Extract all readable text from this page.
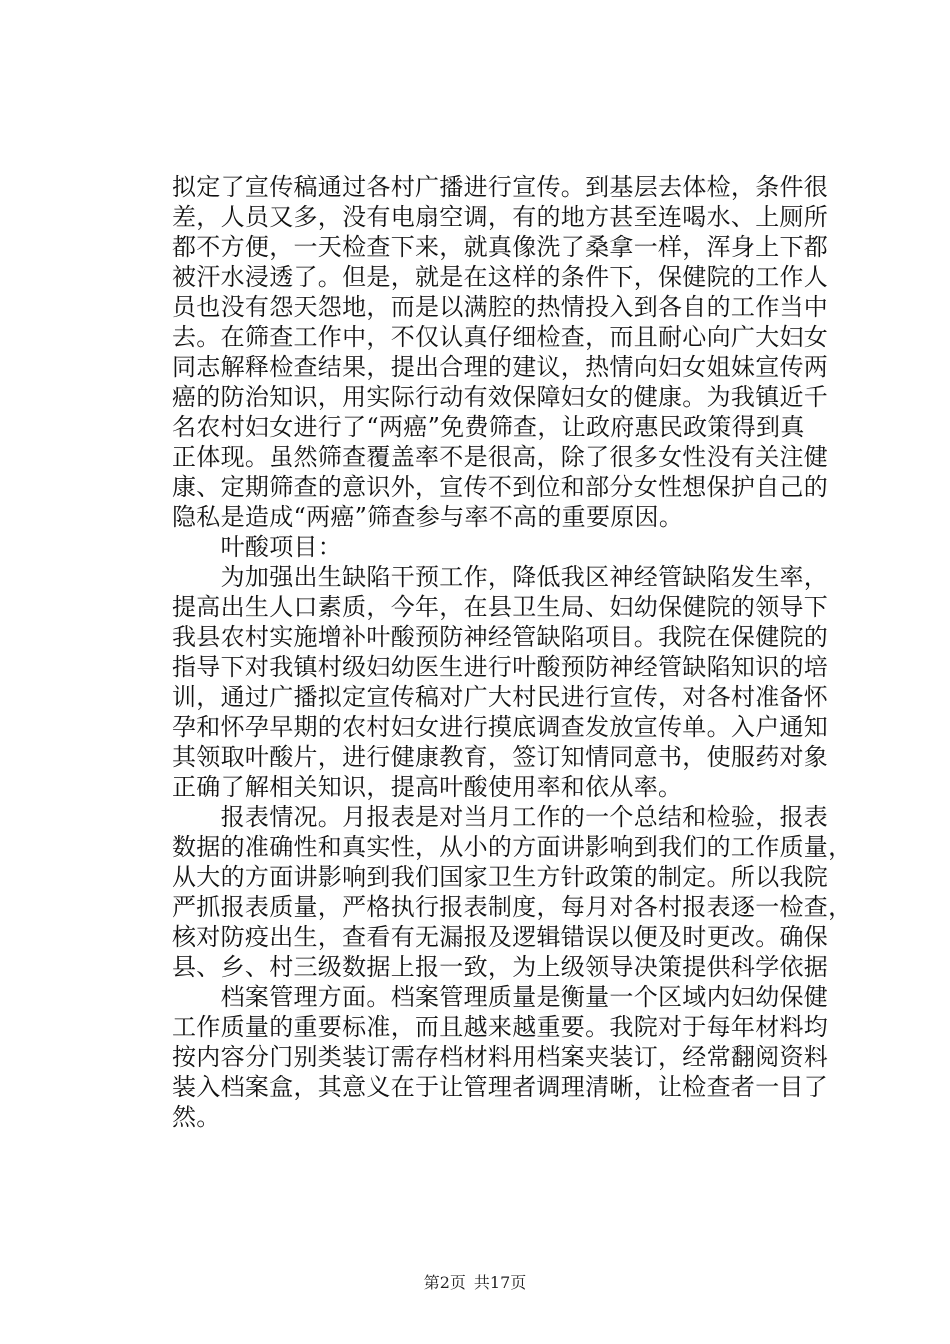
拟定了宣传稿通过各村广播进行宣传。到基层去体检，条件很
差，人员又多，没有电扇空调，有的地方甚至连喝水、上厕所
都不方便，一天检查下来，就真像洗了桑拿一样，浑身上下都
被汗水浸透了。但是，就是在这样的条件下，保健院的工作人
员也没有怨天怨地，而是以满腔的热情投入到各自的工作当中
去。在筛查工作中，不仅认真仔细检查，而且耐心向广大妇女
同志解释检查结果，提出合理的建议，热情向妇女姐妹宣传两
癌的防治知识，用实际行动有效保障妇女的健康。为我镇近千
名农村妇女进行了“两癌”免费筛查，让政府惠民政策得到真
正体现。虽然筛查覆盖率不是很高，除了很多女性没有关注健
康、定期筛查的意识外，宣传不到位和部分女性想保护自己的
隐私是造成“两癌”筛查参与率不高的重要原因。
　　叶酸项目：
　　为加强出生缺陷干预工作，降低我区神经管缺陷发生率，
提高出生人口素质，今年，在县卫生局、妇幼保健院的领导下
我县农村实施增补叶酸预防神经管缺陷项目。我院在保健院的
指导下对我镇村级妇幼医生进行叶酸预防神经管缺陷知识的培
训，通过广播拟定宣传稿对广大村民进行宣传，对各村准备怀
孕和怀孕早期的农村妇女进行摸底调查发放宣传单。入户通知
其领取叶酸片，进行健康教育，签订知情同意书，使服药对象
正确了解相关知识，提高叶酸使用率和依从率。
　　报表情况。月报表是对当月工作的一个总结和检验，报表
数据的准确性和真实性，从小的方面讲影响到我们的工作质量，
从大的方面讲影响到我们国家卫生方针政策的制定。所以我院
严抓报表质量，严格执行报表制度，每月对各村报表逐一检查，
核对防疫出生，查看有无漏报及逻辑错误以便及时更改。确保
县、乡、村三级数据上报一致，为上级领导决策提供科学依据
　　档案管理方面。档案管理质量是衡量一个区域内妇幼保健
工作质量的重要标准，而且越来越重要。我院对于每年材料均
按内容分门别类装订需存档材料用档案夹装订，经常翻阅资料
装入档案盒，其意义在于让管理者调理清晰，让检查者一目了
然。
第2页 共17页
